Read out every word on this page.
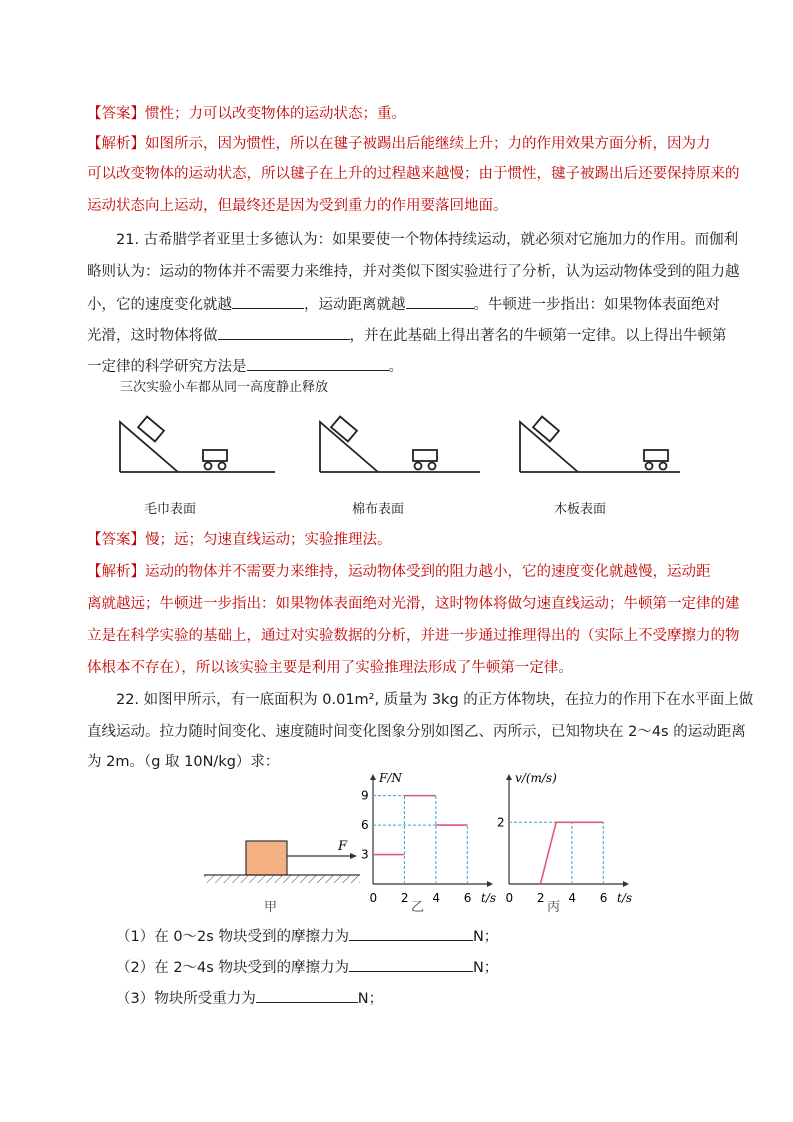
【答案】惯性；力可以改变物体的运动状态；重。
【解析】如图所示，因为惯性，所以在毽子被踢出后能继续上升；力的作用效果方面分析，因为力
可以改变物体的运动状态，所以毽子在上升的过程越来越慢；由于惯性，毽子被踢出后还要保持原来的
运动状态向上运动，但最终还是因为受到重力的作用要落回地面。
21. 古希腊学者亚里士多德认为：如果要使一个物体持续运动，就必须对它施加力的作用。而伽利
略则认为：运动的物体并不需要力来维持，并对类似下图实验进行了分析，认为运动物体受到的阻力越
小，它的速度变化就越	，运动距离就越	。牛顿进一步指出：如果物体表面绝对
光滑，这时物体将做	，并在此基础上得出著名的牛顿第一定律。以上得出牛顿第
一定律的科学研究方法是	。
三次实验小车都从同一高度静止释放
毛巾表面	棉布表面	木板表面
【答案】慢；远；匀速直线运动；实验推理法。
【解析】运动的物体并不需要力来维持，运动物体受到的阻力越小，它的速度变化就越慢，运动距
离就越远；牛顿进一步指出：如果物体表面绝对光滑，这时物体将做匀速直线运动；牛顿第一定律的建
立是在科学实验的基础上，通过对实验数据的分析，并进一步通过推理得出的（实际上不受摩擦力的物
体根本不存在），所以该实验主要是利用了实验推理法形成了牛顿第一定律。
22. 如图甲所示，有一底面积为 0.01m², 质量为 3kg 的正方体物块，在拉力的作用下在水平面上做
直线运动。拉力随时间变化、速度随时间变化图象分别如图乙、丙所示，已知物块在 2～4s 的运动距离
为 2m。（g 取 10N/kg）求：
F
F/N
t/s
0 2 4 6
3
6
9
v/(m/s)
t/s
0 2 4 6
2
甲	乙	丙
（1）在 0～2s 物块受到的摩擦力为	N；
（2）在 2～4s 物块受到的摩擦力为	N；
（3）物块所受重力为	N；
